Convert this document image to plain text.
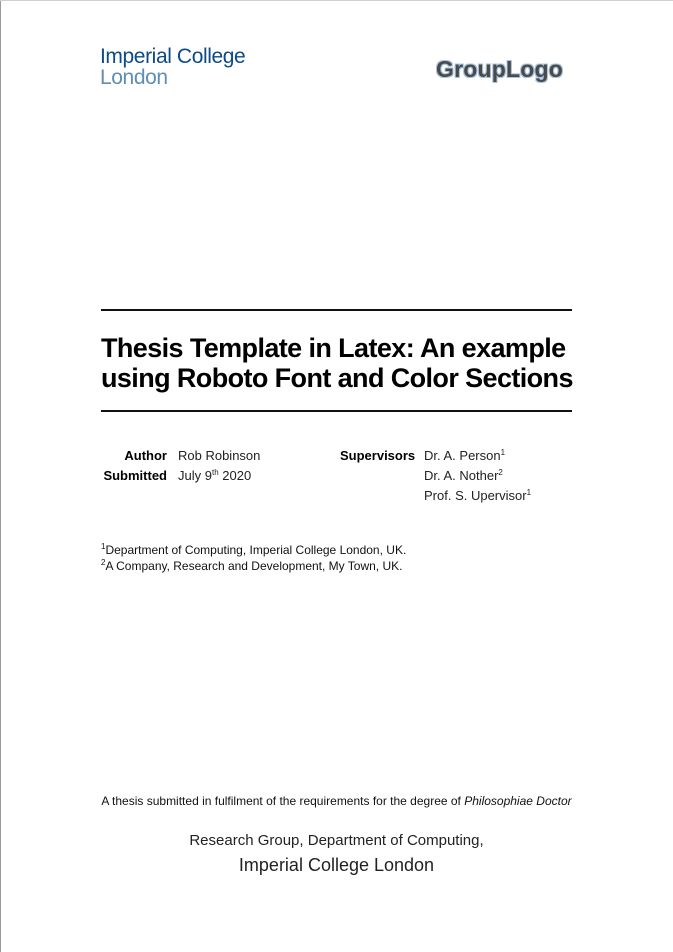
Imperial College
London	GroupLogo
Thesis Template in Latex: An example
using Roboto Font and Color Sections
Author Rob Robinson
Submitted July 9th 2020
Supervisors Dr. A. Person$^1$
Dr. A. Nother$^2$
Prof. S. Upervisor$^1$
$^1$Department of Computing, Imperial College London, UK.
$^2$A Company, Research and Development, My Town, UK.
A thesis submitted in fulfilment of the requirements for the degree of Philosophiae Doctor
Research Group, Department of Computing,
Imperial College London
